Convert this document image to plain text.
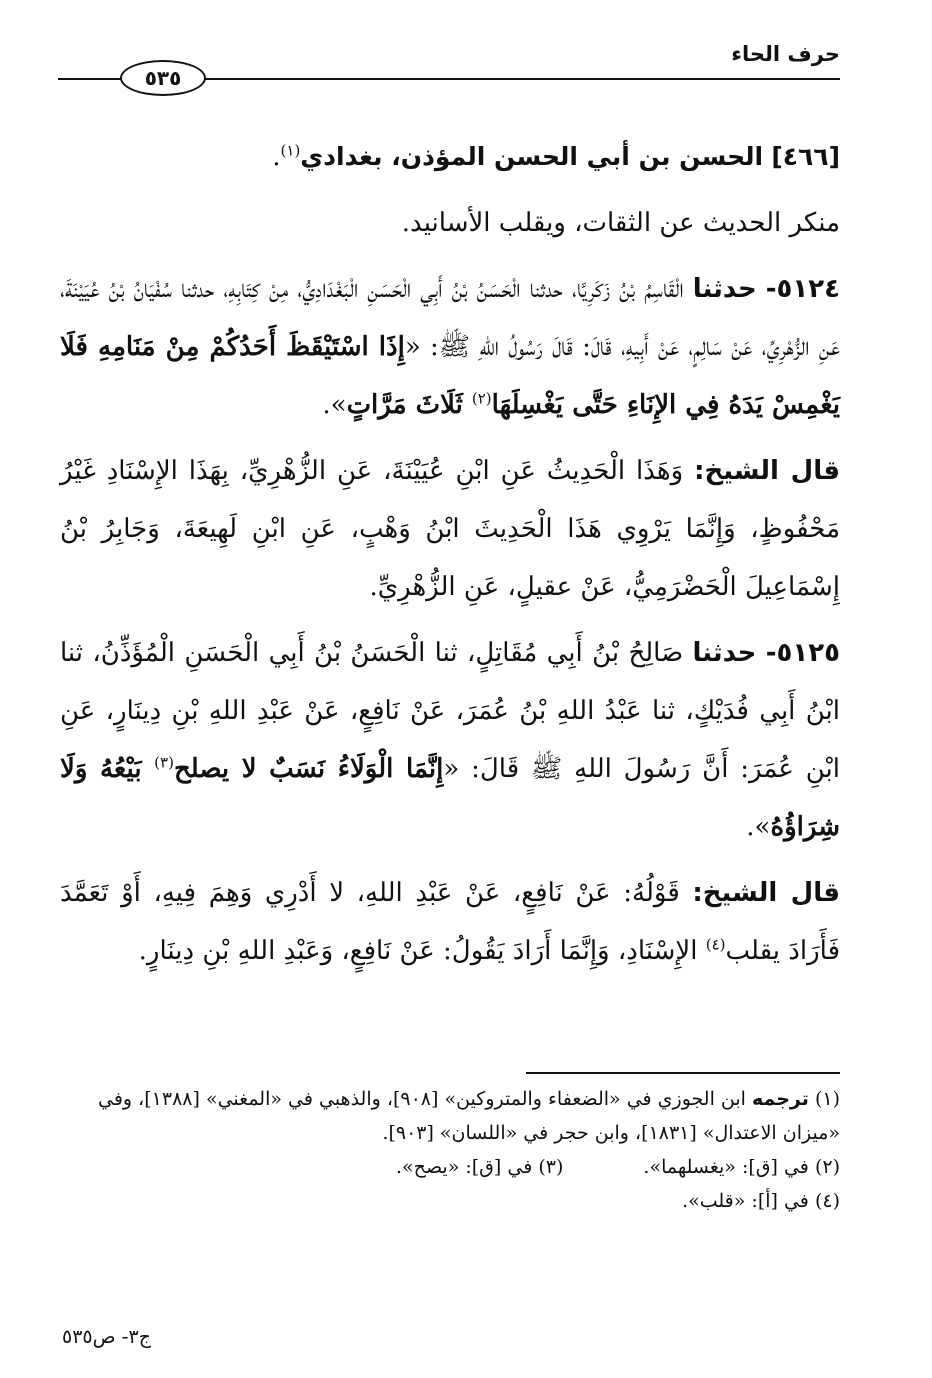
حرف الحاء
٥٣٥

[٤٦٦] الحسن بن أبي الحسن المؤذن، بغدادي$^{(١)}$.

منكر الحديث عن الثقات، ويقلب الأسانيد.

٥١٢٤- حدثنا الْقَاسِمُ بْنُ زَكَرِيَّا، حدثنا الْحَسَنُ بْنُ أَبِي الْحَسَنِ الْبَغْدَادِيُّ، مِنْ كِتَابِهِ، حدثنا سُفْيَانُ بْنُ عُيَيْنَةَ، عَنِ الزُّهْرِيِّ، عَنْ سَالِمٍ، عَنْ أَبِيهِ، قَالَ: قَالَ رَسُولُ اللهِ ﷺ: «إِذَا اسْتَيْقَظَ أَحَدُكُمْ مِنْ مَنَامِهِ فَلَا يَغْمِسْ يَدَهُ فِي الإِنَاءِ حَتَّى يَغْسِلَهَا$^{(٢)}$ ثَلَاثَ مَرَّاتٍ».

قال الشيخ: وَهَذَا الْحَدِيثُ عَنِ ابْنِ عُيَيْنَةَ، عَنِ الزُّهْرِيِّ، بِهَذَا الإِسْنَادِ غَيْرُ مَحْفُوظٍ، وَإِنَّمَا يَرْوِي هَذَا الْحَدِيثَ ابْنُ وَهْبٍ، عَنِ ابْنِ لَهِيعَةَ، وَجَابِرُ بْنُ إِسْمَاعِيلَ الْحَضْرَمِيُّ، عَنْ عقيلٍ، عَنِ الزُّهْرِيِّ.

٥١٢٥- حدثنا صَالِحُ بْنُ أَبِي مُقَاتِلٍ، ثنا الْحَسَنُ بْنُ أَبِي الْحَسَنِ الْمُؤَذِّنُ، ثنا ابْنُ أَبِي فُدَيْكٍ، ثنا عَبْدُ اللهِ بْنُ عُمَرَ، عَنْ نَافِعٍ، عَنْ عَبْدِ اللهِ بْنِ دِينَارٍ، عَنِ ابْنِ عُمَرَ: أَنَّ رَسُولَ اللهِ ﷺ قَالَ: «إِنَّمَا الْوَلَاءُ نَسَبٌ لا يصلح$^{(٣)}$ بَيْعُهُ وَلَا شِرَاؤُهُ».

قال الشيخ: قَوْلُهُ: عَنْ نَافِعٍ، عَنْ عَبْدِ اللهِ، لا أَدْرِي وَهِمَ فِيهِ، أَوْ تَعَمَّدَ فَأَرَادَ يقلب$^{(٤)}$ الإِسْنَادِ، وَإِنَّمَا أَرَادَ يَقُولُ: عَنْ نَافِعٍ، وَعَبْدِ اللهِ بْنِ دِينَارٍ.

(١) ترجمه ابن الجوزي في «الضعفاء والمتروكين» [٩٠٨]، والذهبي في «المغني» [١٣٨٨]، وفي «ميزان الاعتدال» [١٨٣١]، وابن حجر في «اللسان» [٩٠٣].
(٢) في [ق]: «يغسلهما».
(٣) في [ق]: «يصح».
(٤) في [أ]: «قلب».
ج٣- ص٥٣٥
